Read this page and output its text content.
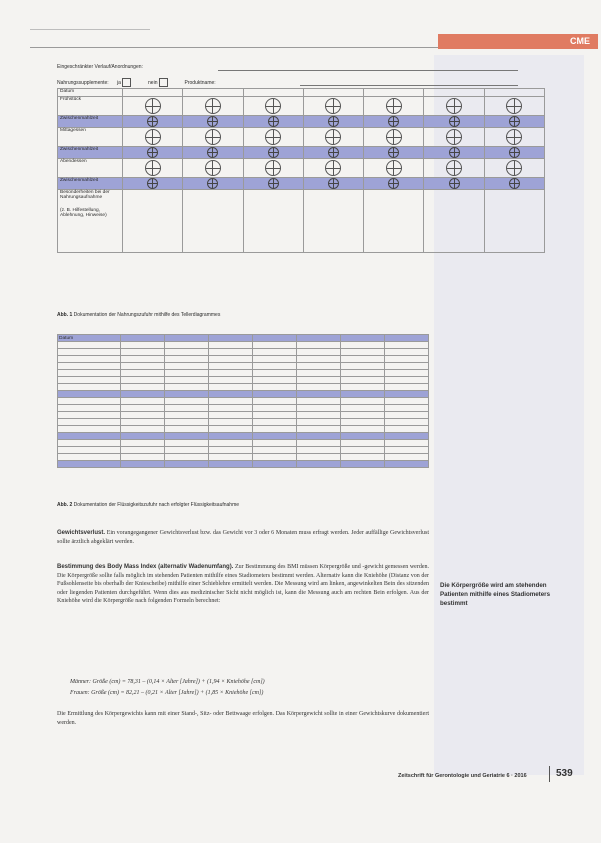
CME
Eingeschränkter Verlauf/Anordnungen:
Nahrungssupplemente: ja	nein	Produktname:
Datum							
Frühstück	

Zwischenmahlzeit	

Mittagessen	

Zwischenmahlzeit	

Abendessen	

Zwischenmahlzeit	

Besonderheiten bei der Nahrungsaufnahme
(z. B. Hilfestellung, Ablehnung, Hinweise)							

Abb. 1 Dokumentation der Nahrungszufuhr mithilfe des Tellerdiagrammes
Datum							

Abb. 2 Dokumentation der Flüssigkeitszufuhr nach erfolgter Flüssigkeitsaufnahme
Gewichtsverlust. Ein vorangegangener Gewichtsverlust bzw. das Gewicht vor 3 oder 6 Monaten muss erfragt werden. Jeder auffällige Gewichtsverlust sollte ärztlich abgeklärt werden.
Bestimmung des Body Mass Index (alternativ Wadenumfang). Zur Bestimmung des BMI müssen Körpergröße und -gewicht gemessen werden. Die Körpergröße sollte falls möglich im stehenden Patienten mithilfe eines Stadiometers bestimmt werden. Alternativ kann die Kniehöhe (Distanz von der Fußsohlenseite bis oberhalb der Kniescheibe) mithilfe einer Schieblehre ermittelt werden. Die Messung wird am linken, angewinkelten Bein des sitzenden oder liegenden Patienten durchgeführt. Wenn dies aus medizinischer Sicht nicht möglich ist, kann die Messung auch am rechten Bein erfolgen. Aus der Kniehöhe wird die Körpergröße nach folgenden Formeln berechnet:
Männer: Größe (cm) = 78,31 – (0,14 × Alter [Jahre]) + (1,94 × Kniehöhe [cm])
Frauen: Größe (cm) = 82,21 – (0,21 × Alter [Jahre]) + (1,85 × Kniehöhe [cm])
Die Ermittlung des Körpergewichts kann mit einer Stand-, Sitz- oder Bettwaage erfolgen. Das Körpergewicht sollte in einer Gewichtskurve dokumentiert werden.
Die Körpergröße wird am stehenden Patienten mithilfe eines Stadiometers bestimmt
Zeitschrift für Gerontologie und Geriatrie 6 · 2016	539
